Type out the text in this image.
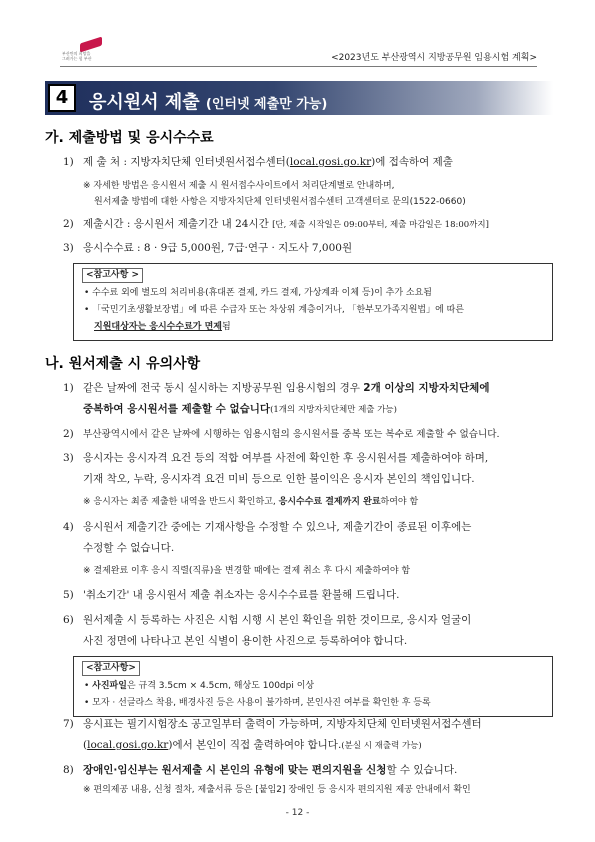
부산만의 희망을
그려가는 힘 부산	<2023년도 부산광역시 지방공무원 임용시험 계획>
4	응시원서 제출 (인터넷 제출만 가능)
가. 제출방법 및 응시수수료
1) 제 출 처 : 지방자치단체 인터넷원서접수센터(local.gosi.go.kr)에 접속하여 제출
※ 자세한 방법은 응시원서 제출 시 원서접수사이트에서 처리단계별로 안내하며,
원서제출 방법에 대한 사항은 지방자치단체 인터넷원서접수센터 고객센터로 문의(1522-0660)
2) 제출시간 : 응시원서 제출기간 내 24시간 [단, 제출 시작일은 09:00부터, 제출 마감일은 18:00까지]
3) 응시수수료 : 8 · 9급 5,000원, 7급·연구 · 지도사 7,000원
<참고사항 >
• 수수료 외에 별도의 처리비용(휴대폰 결제, 카드 결제, 가상계좌 이체 등)이 추가 소요됨
• 「국민기초생활보장법」에 따른 수급자 또는 차상위 계층이거나, 「한부모가족지원법」에 따른
지원대상자는 응시수수료가 면제됨
나. 원서제출 시 유의사항
1) 같은 날짜에 전국 동시 실시하는 지방공무원 임용시험의 경우 2개 이상의 지방자치단체에
중복하여 응시원서를 제출할 수 없습니다(1개의 지방자치단체만 제출 가능)
2) 부산광역시에서 같은 날짜에 시행하는 임용시험의 응시원서를 중복 또는 복수로 제출할 수 없습니다.
3) 응시자는 응시자격 요건 등의 적합 여부를 사전에 확인한 후 응시원서를 제출하여야 하며,
기재 착오, 누락, 응시자격 요건 미비 등으로 인한 불이익은 응시자 본인의 책임입니다.
※ 응시자는 최종 제출한 내역을 반드시 확인하고, 응시수수료 결제까지 완료하여야 함
4) 응시원서 제출기간 중에는 기재사항을 수정할 수 있으나, 제출기간이 종료된 이후에는
수정할 수 없습니다.
※ 결제완료 이후 응시 직렬(직류)을 변경할 때에는 결제 취소 후 다시 제출하여야 함
5) '취소기간' 내 응시원서 제출 취소자는 응시수수료를 환불해 드립니다.
6) 원서제출 시 등록하는 사진은 시험 시행 시 본인 확인을 위한 것이므로, 응시자 얼굴이
사진 정면에 나타나고 본인 식별이 용이한 사진으로 등록하여야 합니다.
<참고사항>
• 사진파일은 규격 3.5cm × 4.5cm, 해상도 100dpi 이상
• 모자 · 선글라스 착용, 배경사진 등은 사용이 불가하며, 본인사진 여부를 확인한 후 등록
7) 응시표는 필기시험장소 공고일부터 출력이 가능하며, 지방자치단체 인터넷원서접수센터
(local.gosi.go.kr)에서 본인이 직접 출력하여야 합니다.(분실 시 재출력 가능)
8) 장애인·임신부는 원서제출 시 본인의 유형에 맞는 편의지원을 신청할 수 있습니다.
※ 편의제공 내용, 신청 절차, 제출서류 등은 [붙임2] 장애인 등 응시자 편의지원 제공 안내에서 확인
- 12 -
